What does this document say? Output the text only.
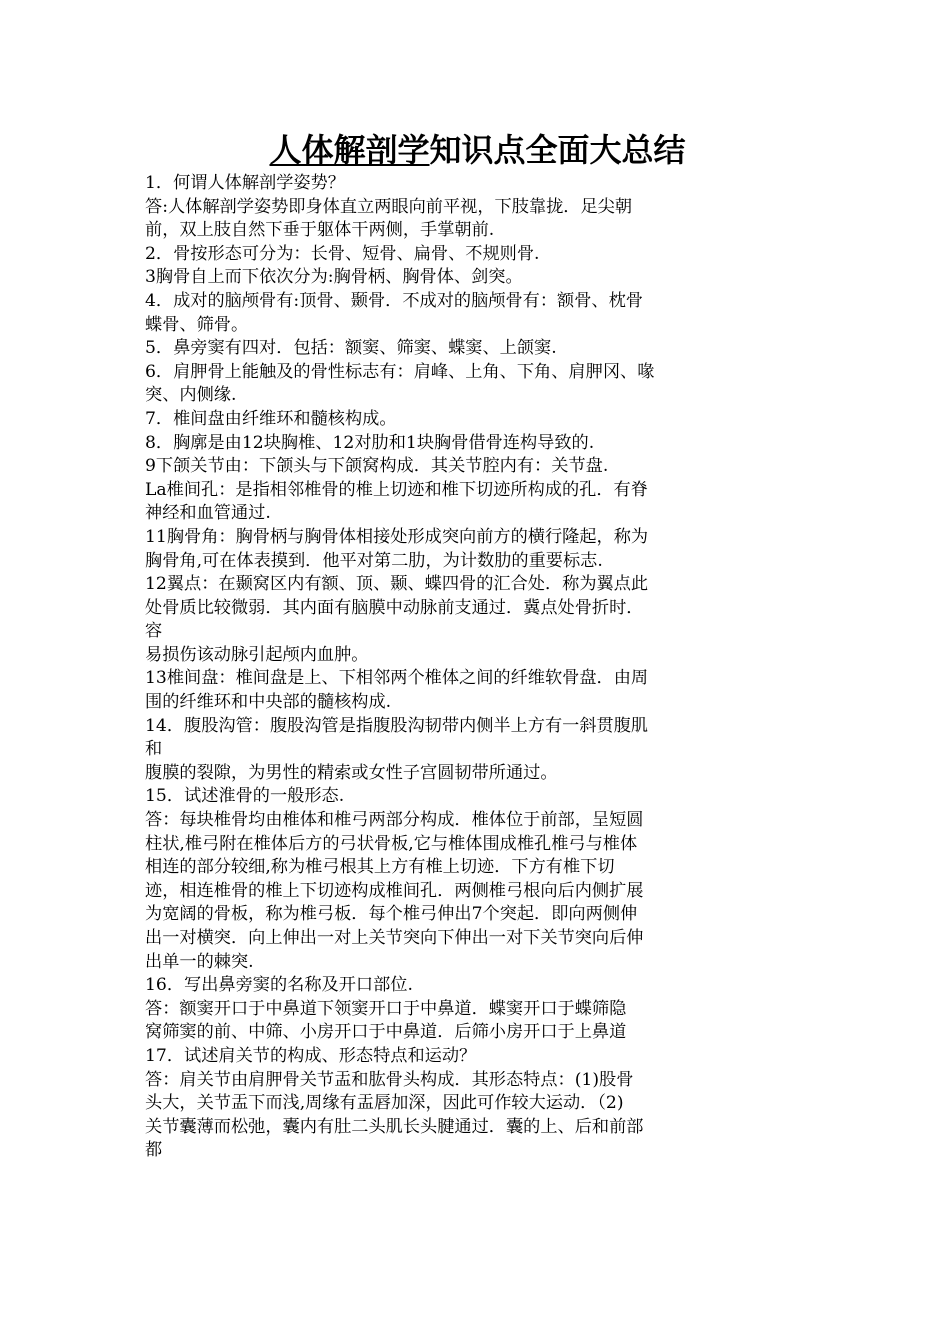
人体解剖学知识点全面大总结
1．何谓人体解剖学姿势？
答:人体解剖学姿势即身体直立两眼向前平视，下肢靠拢．足尖朝
前，双上肢自然下垂于躯体干两侧，手掌朝前.
2．骨按形态可分为：长骨、短骨、扁骨、不规则骨.
3胸骨自上而下依次分为:胸骨柄、胸骨体、剑突。
4．成对的脑颅骨有:顶骨、颞骨．不成对的脑颅骨有：额骨、枕骨
蝶骨、筛骨。
5．鼻旁窦有四对．包括：额窦、筛窦、蝶窦、上颌窦.
6．肩胛骨上能触及的骨性标志有：肩峰、上角、下角、肩胛冈、喙
突、内侧缘.
7．椎间盘由纤维环和髓核构成。
8．胸廓是由12块胸椎、12对肋和1块胸骨借骨连构导致的.
9下颌关节由：下颌头与下颌窝构成．其关节腔内有：关节盘.
La椎间孔：是指相邻椎骨的椎上切迹和椎下切迹所构成的孔．有脊
神经和血管通过.
11胸骨角：胸骨柄与胸骨体相接处形成突向前方的横行隆起，称为
胸骨角,可在体表摸到．他平对第二肋，为计数肋的重要标志.
12翼点：在颞窝区内有额、顶、颞、蝶四骨的汇合处．称为翼点此
处骨质比较微弱．其内面有脑膜中动脉前支通过．冀点处骨折时．
容
易损伤该动脉引起颅内血肿。
13椎间盘：椎间盘是上、下相邻两个椎体之间的纤维软骨盘．由周
围的纤维环和中央部的髓核构成.
14．腹股沟管：腹股沟管是指腹股沟韧带内侧半上方有一斜贯腹肌
和
腹膜的裂隙，为男性的精索或女性子宫圆韧带所通过。
15．试述淮骨的一般形态.
答：每块椎骨均由椎体和椎弓两部分构成．椎体位于前部，呈短圆
柱状,椎弓附在椎体后方的弓状骨板,它与椎体围成椎孔椎弓与椎体
相连的部分较细,称为椎弓根其上方有椎上切迹．下方有椎下切
迹，相连椎骨的椎上下切迹构成椎间孔．两侧椎弓根向后内侧扩展
为宽阔的骨板，称为椎弓板．每个椎弓伸出7个突起．即向两侧伸
出一对横突．向上伸出一对上关节突向下伸出一对下关节突向后伸
出单一的棘突.
16．写出鼻旁窦的名称及开口部位.
答：额窦开口于中鼻道下领窦开口于中鼻道．蝶窦开口于蝶筛隐
窝筛窦的前、中筛、小房开口于中鼻道．后筛小房开口于上鼻道
17．试述肩关节的构成、形态特点和运动？
答：肩关节由肩胛骨关节盂和肱骨头构成．其形态特点：(1)股骨
头大，关节盂下而浅,周缘有盂唇加深，因此可作较大运动．（2)
关节囊薄而松弛，囊内有肚二头肌长头腱通过．囊的上、后和前部
都
